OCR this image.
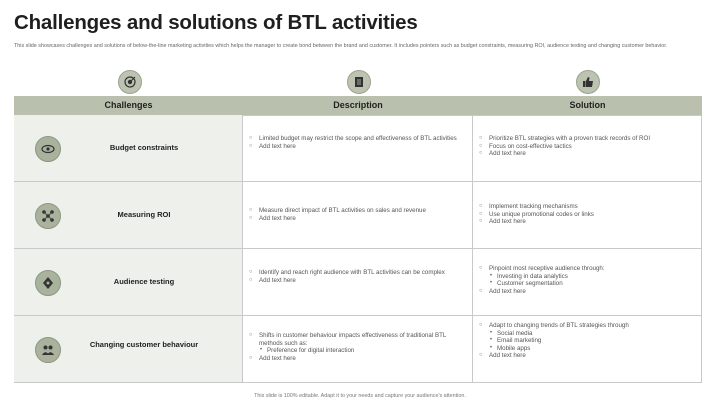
Challenges and solutions of BTL activities
This slide showcases challenges and solutions of below-the-line marketing activities which helps the manager to create bond between the brand and customer. It includes pointers such as budget constraints, measuring ROI, audience testing and changing customer behavior.
Challenges	Description	Solution
Budget constraints
○ Limited budget may restrict the scope and effectiveness of BTL activities
○ Add text here
○ Prioritize BTL strategies with a proven track records of ROI
○ Focus on cost-effective tactics
○ Add text here
Measuring ROI
○	Measure direct impact of BTL activities on sales and revenue
○ Add text here
○ Implement tracking mechanisms
○ Use unique promotional codes or links
○ Add text here
Audience testing
○ Identify and reach right audience with BTL activities can be complex
○ Add text here
○ Pinpoint most receptive audience through:
• Investing in data analytics
• Customer segmentation
○ Add text here
Changing customer behaviour
○ Shifts in customer behaviour impacts effectiveness of traditional BTL methods such as:
• Preference for digital interaction
○ Add text here
○ Adapt to changing trends of BTL strategies through
• Social media
• Email marketing
• Mobile apps
○ Add text here
This slide is 100% editable. Adapt it to your needs and capture your audience's attention.
